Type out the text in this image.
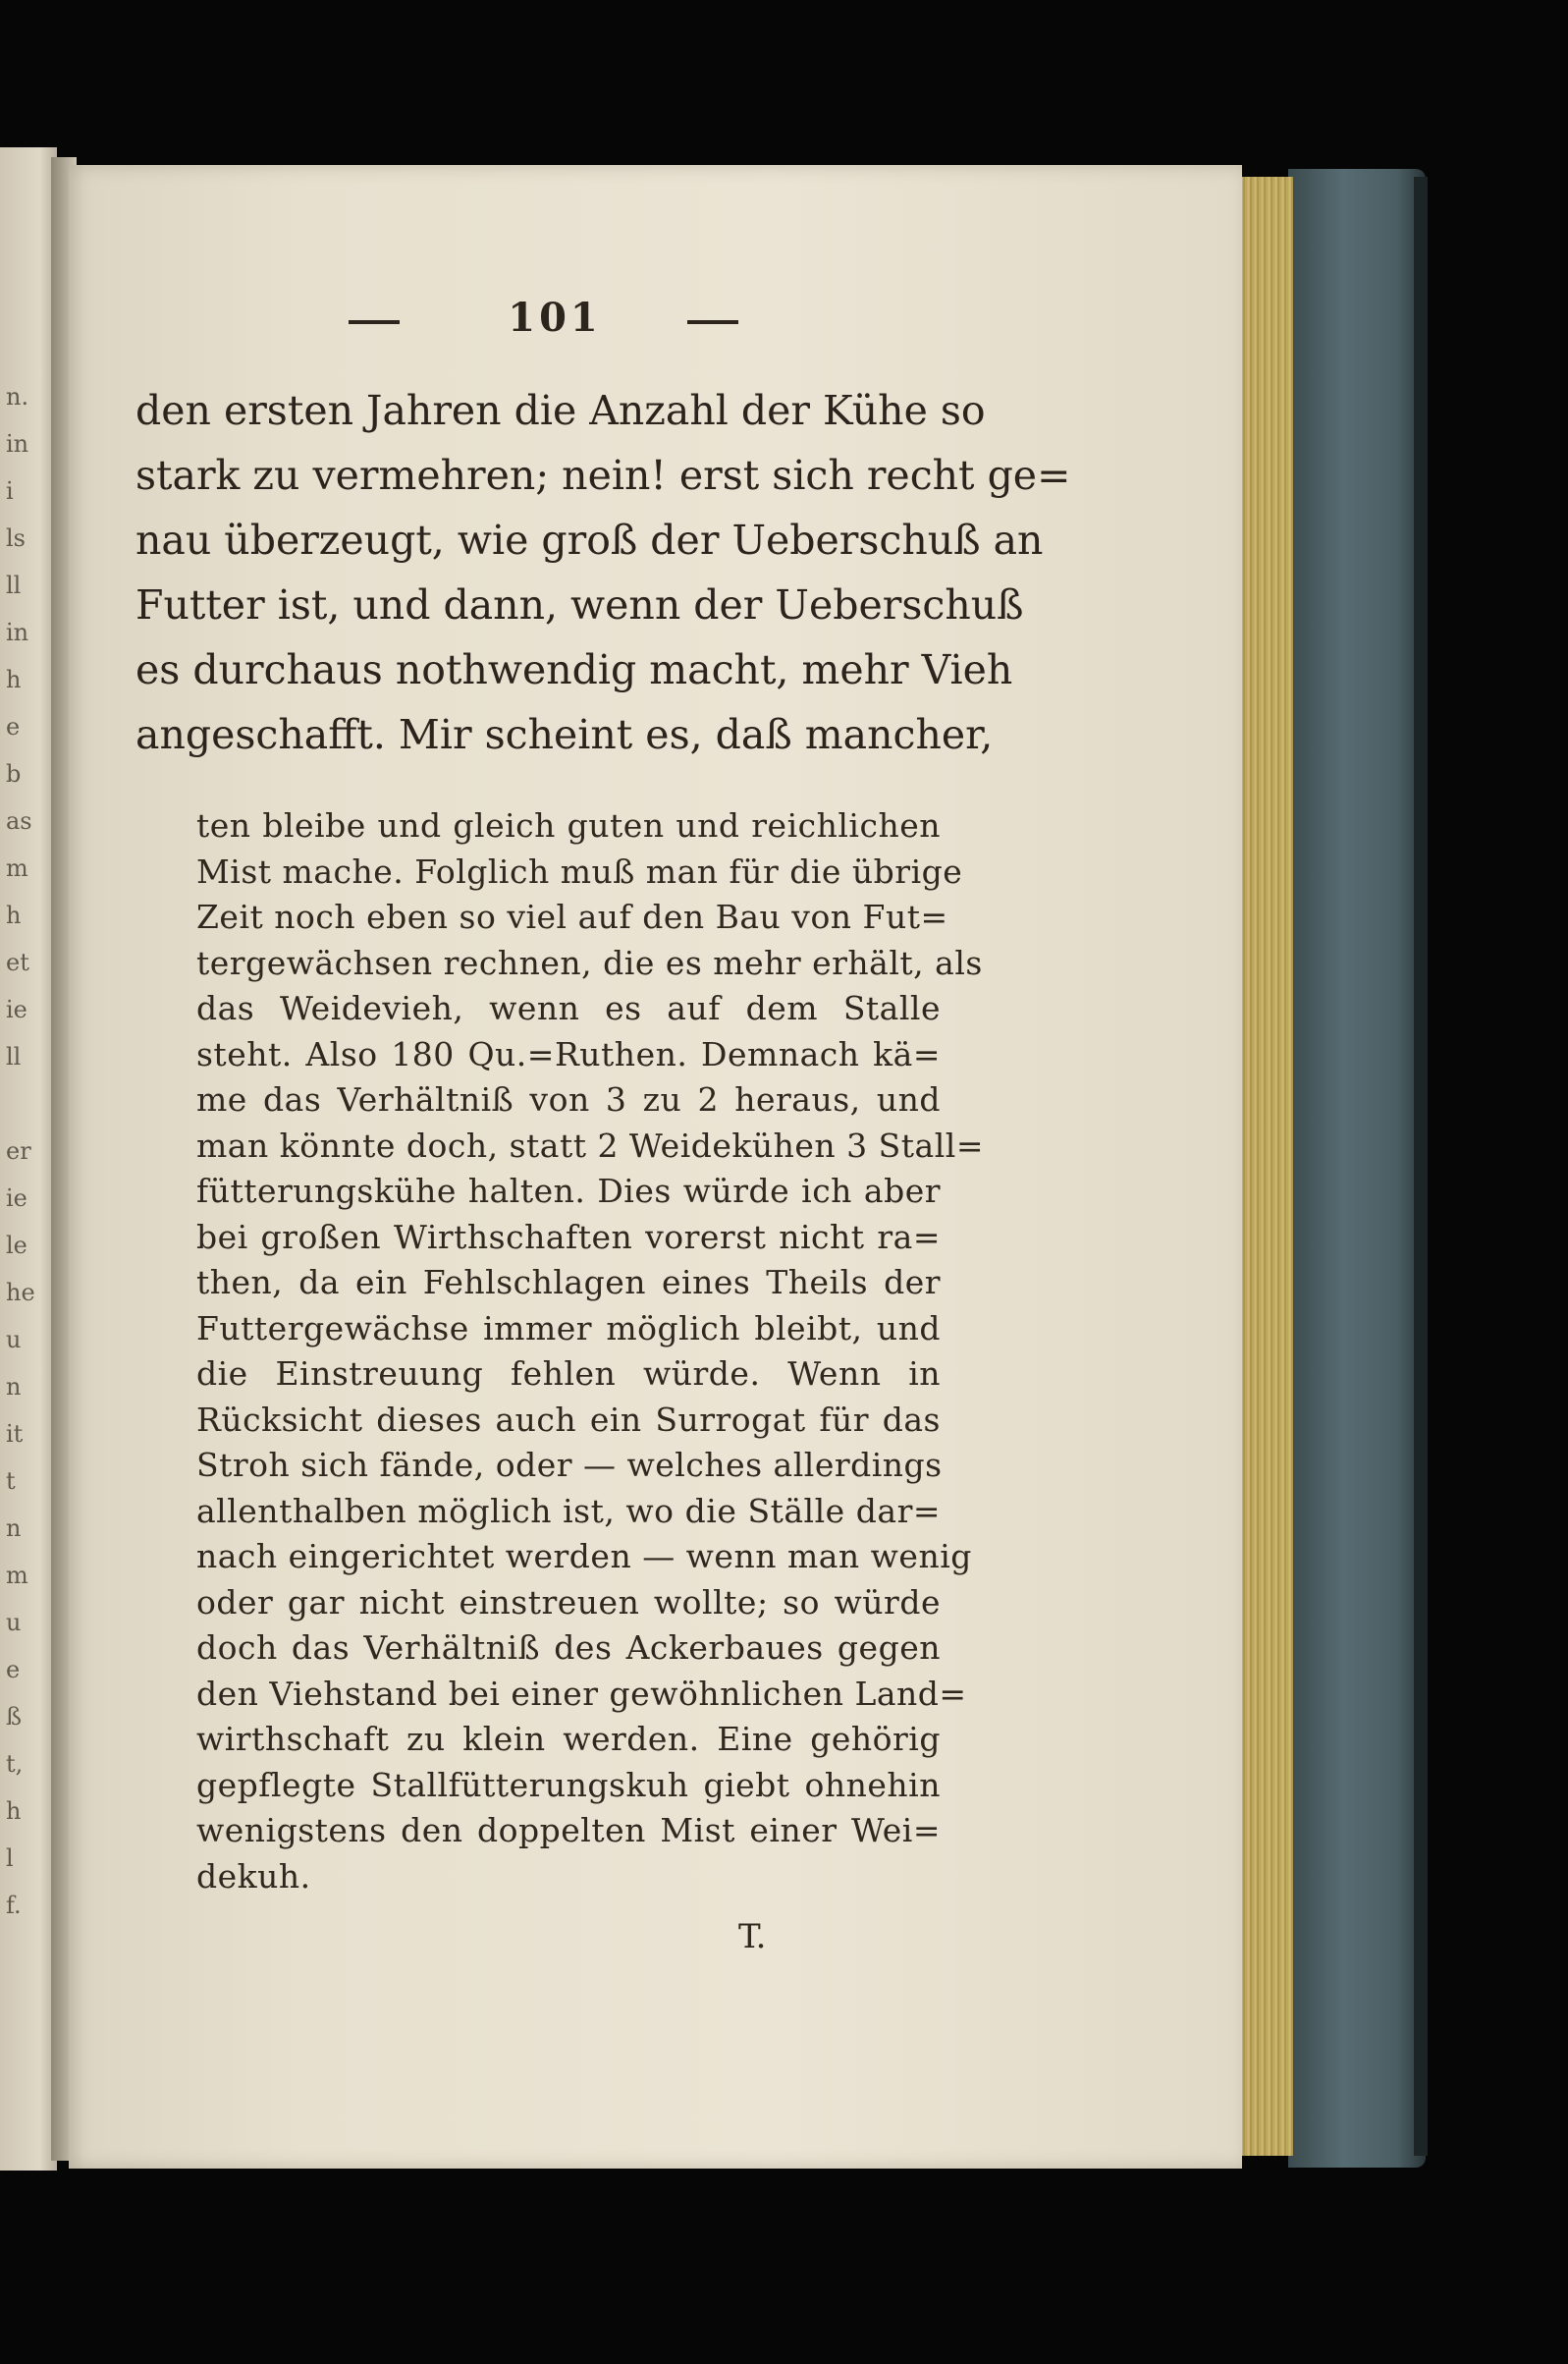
n.
in
i
ls
ll
in
h
e
b
as
m
h
et
ie
ll
er
ie
le
he
u
n
it
t
n
m
u
e
ß
t,
h
l
f.
101
den ersten Jahren die Anzahl der Kühe so
stark zu vermehren; nein! erst sich recht ge=
nau überzeugt, wie groß der Ueberschuß an
Futter ist, und dann, wenn der Ueberschuß
es durchaus nothwendig macht, mehr Vieh
angeschafft. Mir scheint es, daß mancher,
ten bleibe und gleich guten und reichlichen
Mist mache. Folglich muß man für die übrige
Zeit noch eben so viel auf den Bau von Fut=
tergewächsen rechnen, die es mehr erhält, als
das Weidevieh, wenn es auf dem Stalle
steht. Also 180 Qu.=Ruthen. Demnach kä=
me das Verhältniß von 3 zu 2 heraus, und
man könnte doch, statt 2 Weidekühen 3 Stall=
fütterungskühe halten. Dies würde ich aber
bei großen Wirthschaften vorerst nicht ra=
then, da ein Fehlschlagen eines Theils der
Futtergewächse immer möglich bleibt, und
die Einstreuung fehlen würde. Wenn in
Rücksicht dieses auch ein Surrogat für das
Stroh sich fände, oder — welches allerdings
allenthalben möglich ist, wo die Ställe dar=
nach eingerichtet werden — wenn man wenig
oder gar nicht einstreuen wollte; so würde
doch das Verhältniß des Ackerbaues gegen
den Viehstand bei einer gewöhnlichen Land=
wirthschaft zu klein werden. Eine gehörig
gepflegte Stallfütterungskuh giebt ohnehin
wenigstens den doppelten Mist einer Wei=
dekuh.
T.
